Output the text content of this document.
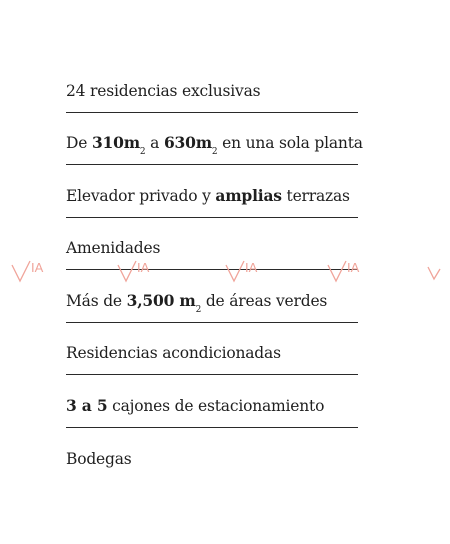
24 residencias exclusivas
De 310m 2 a 630m 2 en una sola planta
Elevador privado y amplias terrazas
Amenidades
Más de 3,500 m 2 de áreas verdes
Residencias acondicionadas
3 a 5 cajones de estacionamiento
Bodegas
IA	IA	IA	IA
